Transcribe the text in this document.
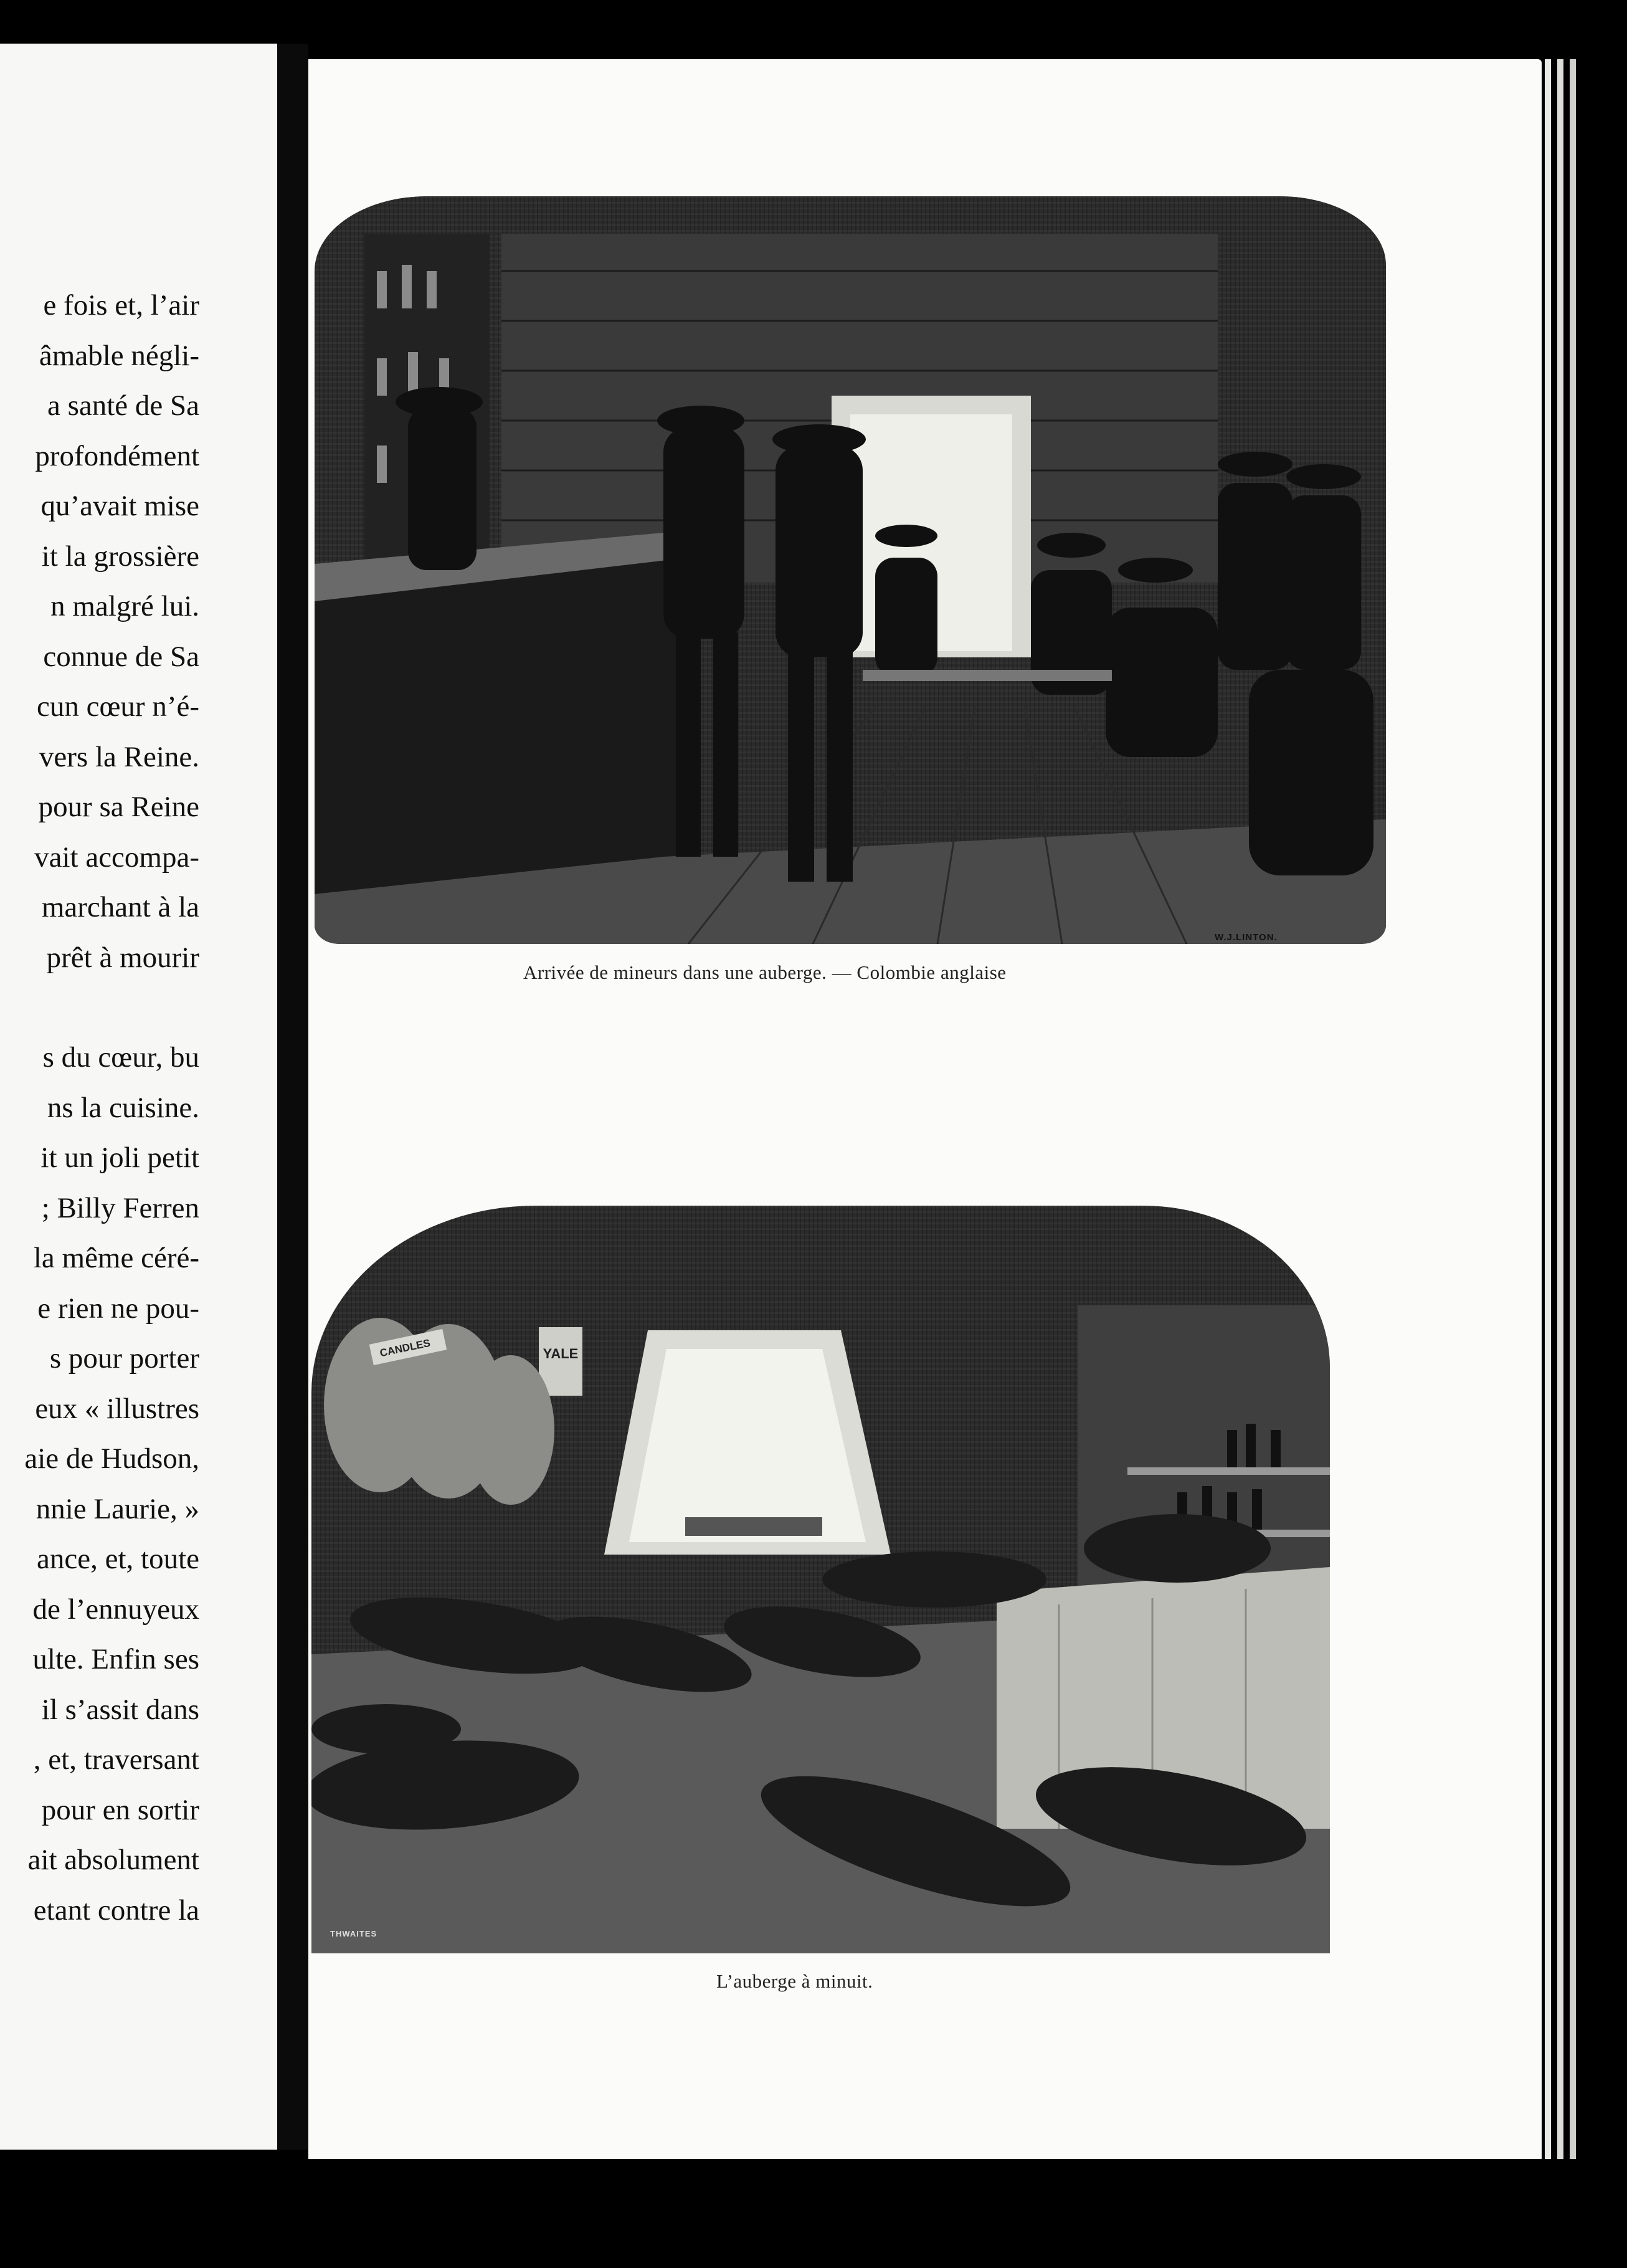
e fois et, l’air
âmable négli-
a santé de Sa
profondément
qu’avait mise
it la grossière
n malgré lui.
connue de Sa
cun cœur n’é-
vers la Reine.
pour sa Reine
vait accompa-
marchant à la
prêt à mourir
s du cœur, bu
ns la cuisine.
it un joli petit
; Billy Ferren
la même céré-
e rien ne pou-
s pour porter
eux « illustres
aie de Hudson,
nnie Laurie, »
ance, et, toute
de l’ennuyeux
ulte. Enfin ses
il s’assit dans
, et, traversant
pour en sortir
ait absolument
etant contre la
W.J.LINTON.
Arrivée de mineurs dans une auberge. — Colombie anglaise
YALE
CANDLES
THWAITES
L’auberge à minuit.
